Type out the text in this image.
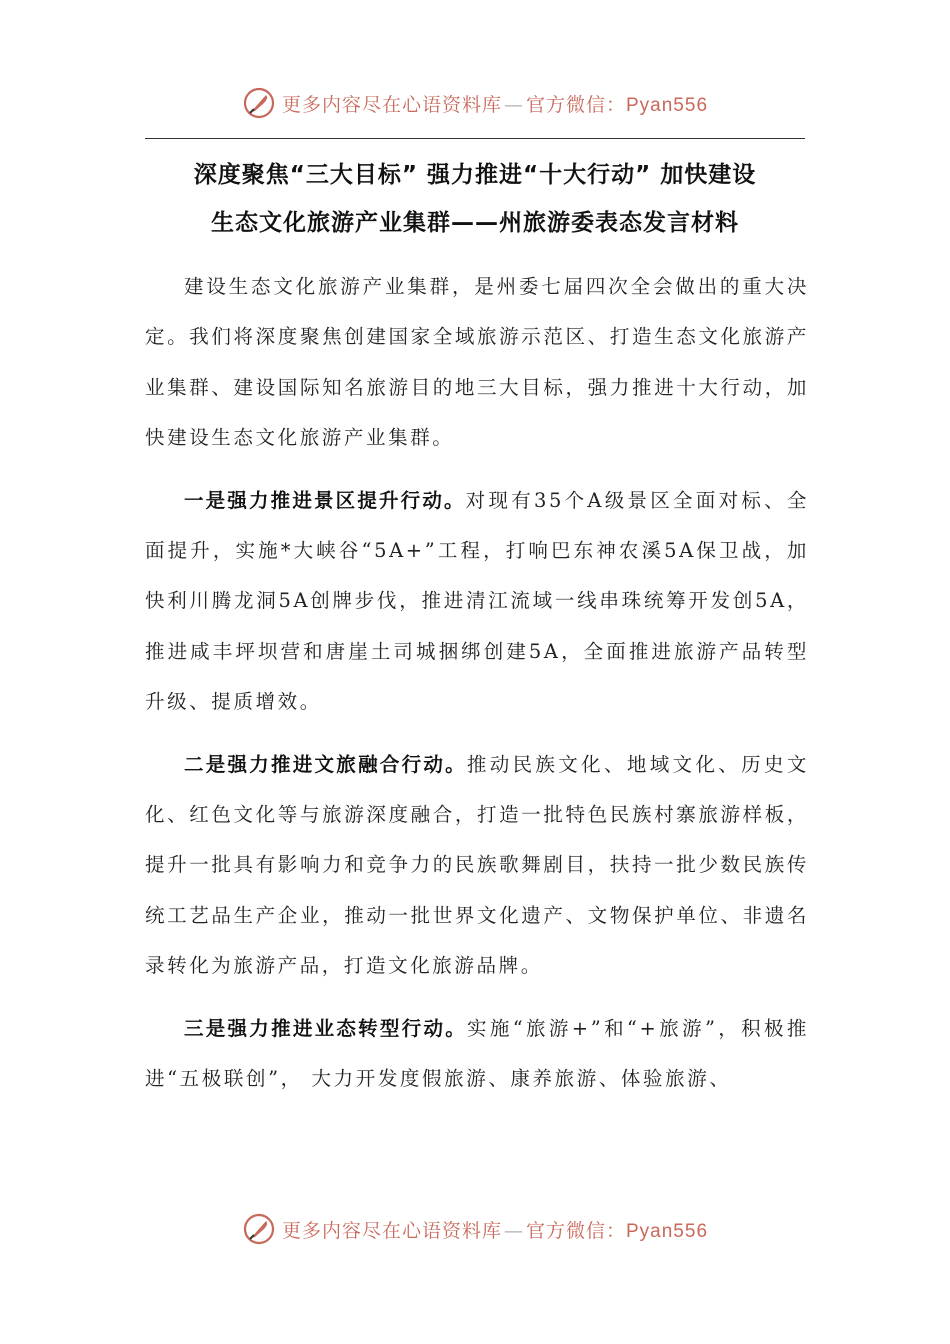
更多内容尽在心语资料库 — 官方微信：Pyan556
深度聚焦“三大目标” 强力推进“十大行动” 加快建设
生态文化旅游产业集群——州旅游委表态发言材料

建设生态文化旅游产业集群，是州委七届四次全会做出的重大决定。我们将深度聚焦创建国家全域旅游示范区、打造生态文化旅游产业集群、建设国际知名旅游目的地三大目标，强力推进十大行动，加快建设生态文化旅游产业集群。

一是强力推进景区提升行动。对现有35个A级景区全面对标、全面提升，实施*大峡谷“5A+”工程，打响巴东神农溪5A保卫战，加快利川腾龙洞5A创牌步伐，推进清江流域一线串珠统筹开发创5A，推进咸丰坪坝营和唐崖土司城捆绑创建5A，全面推进旅游产品转型升级、提质增效。

二是强力推进文旅融合行动。推动民族文化、地域文化、历史文化、红色文化等与旅游深度融合，打造一批特色民族村寨旅游样板，提升一批具有影响力和竞争力的民族歌舞剧目，扶持一批少数民族传统工艺品生产企业，推动一批世界文化遗产、文物保护单位、非遗名录转化为旅游产品，打造文化旅游品牌。

三是强力推进业态转型行动。实施“旅游+”和“+旅游”，积极推进“五极联创”， 大力开发度假旅游、康养旅游、体验旅游、

更多内容尽在心语资料库 — 官方微信：Pyan556
